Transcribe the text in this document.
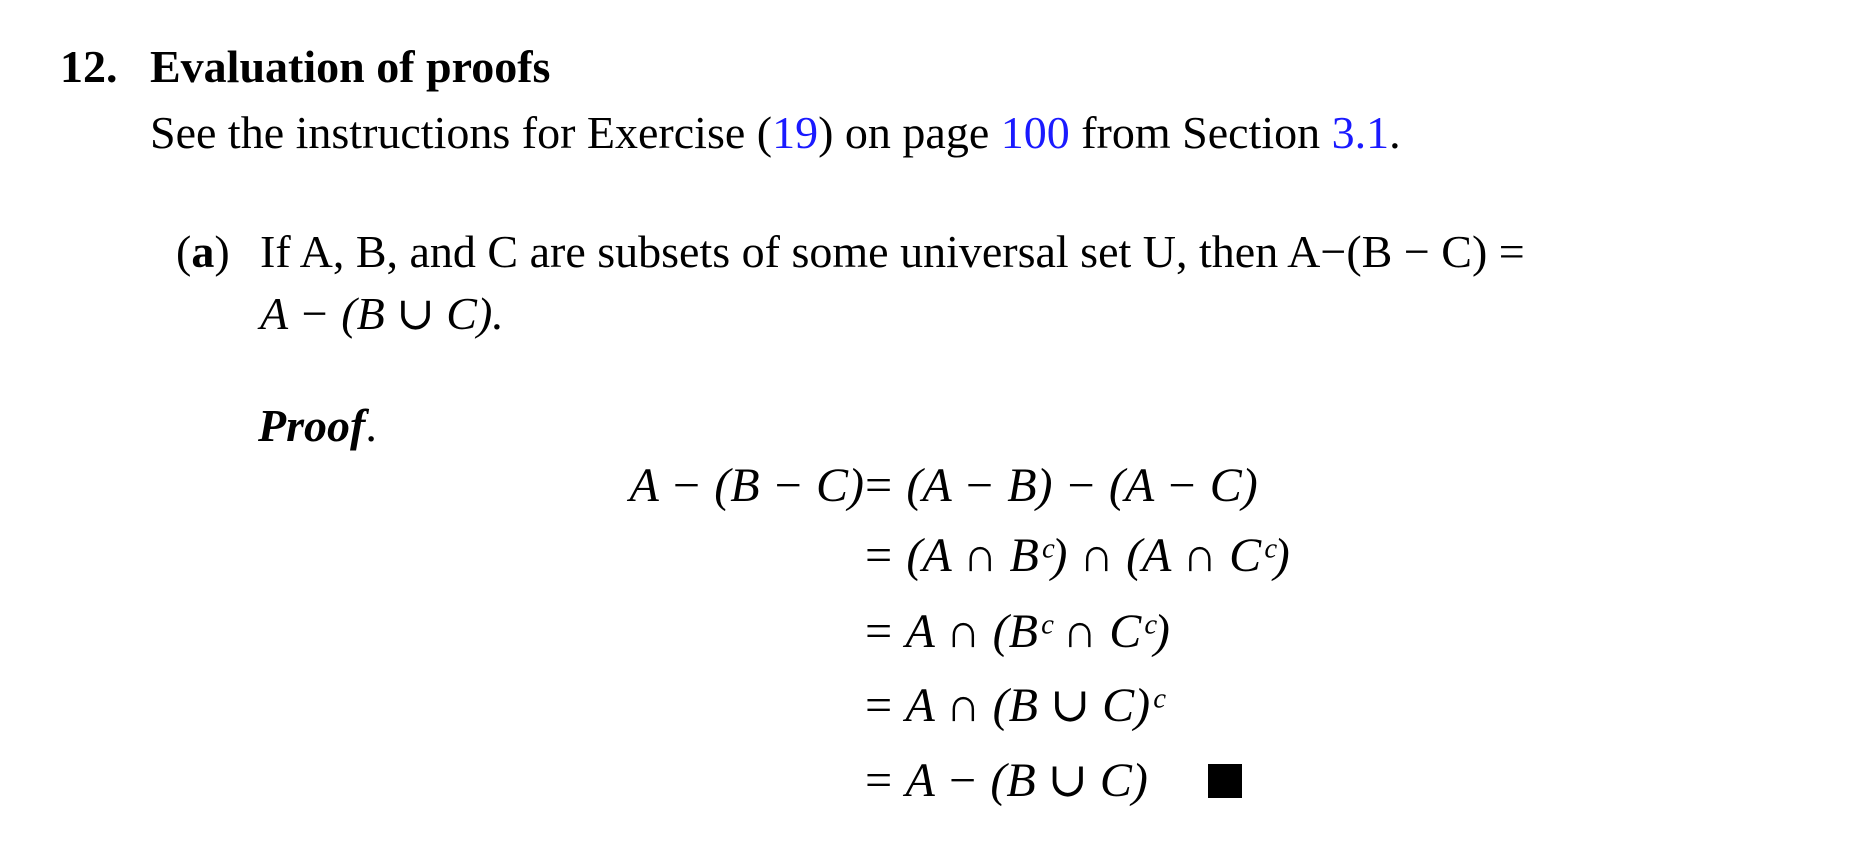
12. Evaluation of proofs
See the instructions for Exercise (19) on page 100 from Section 3.1.
(a) If A, B, and C are subsets of some universal set U, then A−(B − C) =
A − (B ∪ C).
Proof.
A − (B − C)
= (A − B) − (A − C)
= (A ∩ Bᶜ) ∩ (A ∩ Cᶜ)
= A ∩ (Bᶜ ∩ Cᶜ)
= A ∩ (B ∪ C)ᶜ
= A − (B ∪ C)
